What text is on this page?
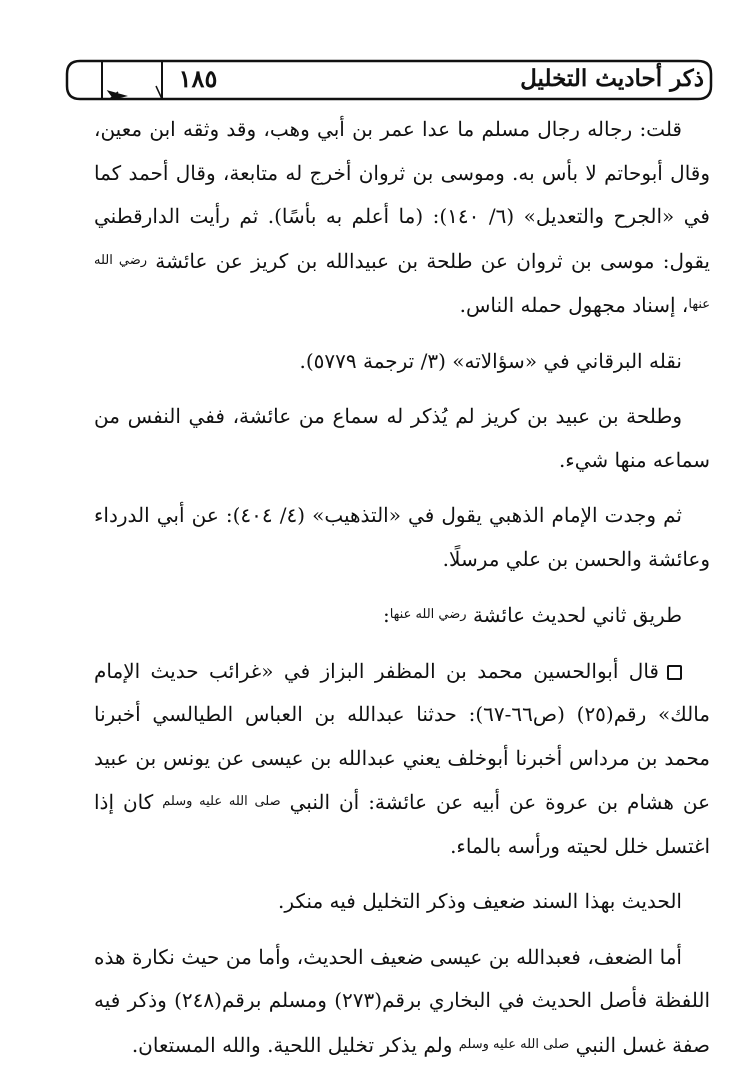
١٨٥	ذكر أحاديث التخليل

قلت: رجاله رجال مسلم ما عدا عمر بن أبي وهب، وقد وثقه ابن معين، وقال أبوحاتم لا بأس به. وموسى بن ثروان أخرج له متابعة، وقال أحمد كما في «الجرح والتعديل» (٦/ ١٤٠): (ما أعلم به بأسًا). ثم رأيت الدارقطني يقول: موسى بن ثروان عن طلحة بن عبيدالله بن كريز عن عائشة $^{رضي الله عنها}$، إسناد مجهول حمله الناس.

نقله البرقاني في «سؤالاته» (٣/ ترجمة ٥٧٧٩).

وطلحة بن عبيد بن كريز لم يُذكر له سماع من عائشة، ففي النفس من سماعه منها شيء.

ثم وجدت الإمام الذهبي يقول في «التذهيب» (٤/ ٤٠٤): عن أبي الدرداء وعائشة والحسن بن علي مرسلًا.

طريق ثاني لحديث عائشة $^{رضي الله عنها}$:

قال أبوالحسين محمد بن المظفر البزاز في «غرائب حديث الإمام مالك» رقم(٢٥) (ص٦٦-٦٧): حدثنا عبدالله بن العباس الطيالسي أخبرنا محمد بن مرداس أخبرنا أبوخلف يعني عبدالله بن عيسى عن يونس بن عبيد عن هشام بن عروة عن أبيه عن عائشة: أن النبي $^{صلى الله عليه وسلم}$ كان إذا اغتسل خلل لحيته ورأسه بالماء.

الحديث بهذا السند ضعيف وذكر التخليل فيه منكر.

أما الضعف، فعبدالله بن عيسى ضعيف الحديث، وأما من حيث نكارة هذه اللفظة فأصل الحديث في البخاري برقم(٢٧٣) ومسلم برقم(٢٤٨) وذكر فيه صفة غسل النبي $^{صلى الله عليه وسلم}$ ولم يذكر تخليل اللحية. والله المستعان.
